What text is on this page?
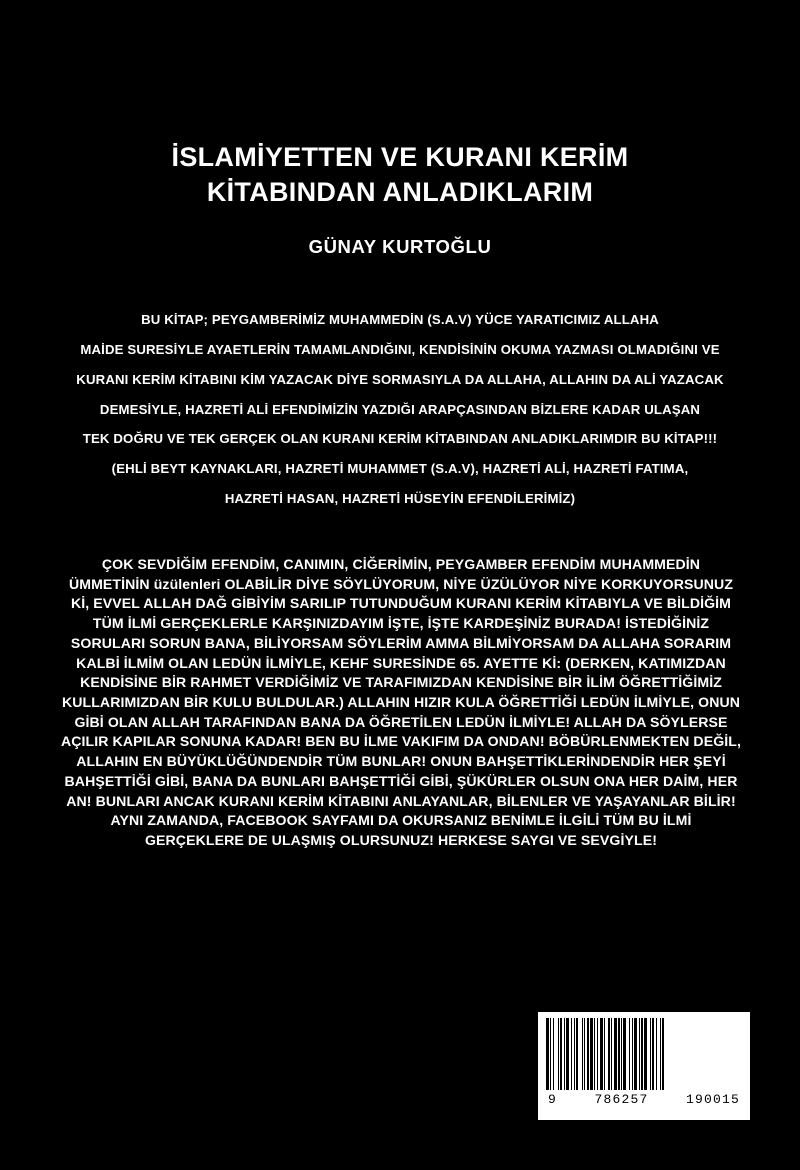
İSLAMİYETTEN VE KURANI KERİM
KİTABINDAN ANLADIKLARIM
GÜNAY KURTOĞLU

BU KİTAP; PEYGAMBERİMİZ MUHAMMEDİN (S.A.V) YÜCE YARATICIMIZ ALLAHA

MAİDE SURESİYLE AYAETLERİN TAMAMLANDIĞINI, KENDİSİNİN OKUMA YAZMASI OLMADIĞINI VE

KURANI KERİM KİTABINI KİM YAZACAK DİYE SORMASIYLA DA ALLAHA, ALLAHIN DA ALİ YAZACAK

DEMESİYLE, HAZRETİ ALİ EFENDİMİZİN YAZDIĞI ARAPÇASINDAN BİZLERE KADAR ULAŞAN

TEK DOĞRU VE TEK GERÇEK OLAN KURANI KERİM KİTABINDAN ANLADIKLARIMDIR BU KİTAP!!!

(EHLİ BEYT KAYNAKLARI, HAZRETİ MUHAMMET (S.A.V), HAZRETİ ALİ, HAZRETİ FATIMA,

HAZRETİ HASAN, HAZRETİ HÜSEYİN EFENDİLERİMİZ)

ÇOK SEVDİĞİM EFENDİM, CANIMIN, CİĞERİMİN, PEYGAMBER EFENDİM MUHAMMEDİN ÜMMETİNİN üzülenleri OLABİLİR DİYE SÖYLÜYORUM, NİYE ÜZÜLÜYOR NİYE KORKUYORSUNUZ Kİ, EVVEL ALLAH DAĞ GİBİYİM SARILIP TUTUNDUĞUM KURANI KERİM KİTABIYLA VE BİLDİĞİM TÜM İLMİ GERÇEKLERLE KARŞINIZDAYIM İŞTE, İŞTE KARDEŞİNİZ BURADA! İSTEDİĞİNİZ SORULARI SORUN BANA, BİLİYORSAM SÖYLERİM AMMA BİLMİYORSAM DA ALLAHA SORARIM KALBİ İLMİM OLAN LEDÜN İLMİYLE, KEHF SURESİNDE 65. AYETTE Kİ: (DERKEN, KATIMIZDAN KENDİSİNE BİR RAHMET VERDİĞİMİZ VE TARAFIMIZDAN KENDİSİNE BİR İLİM ÖĞRETTİĞİMİZ KULLARIMIZDAN BİR KULU BULDULAR.) ALLAHIN HIZIR KULA ÖĞRETTİĞİ LEDÜN İLMİYLE, ONUN GİBİ OLAN ALLAH TARAFINDAN BANA DA ÖĞRETİLEN LEDÜN İLMİYLE! ALLAH DA SÖYLERSE AÇILIR KAPILAR SONUNA KADAR! BEN BU İLME VAKIFIM DA ONDAN! BÖBÜRLENMEKTEN DEĞİL, ALLAHIN EN BÜYÜKLÜĞÜNDENDİR TÜM BUNLAR! ONUN BAHŞETTİKLERİNDENDİR HER ŞEYİ BAHŞETTİĞİ GİBİ, BANA DA BUNLARI BAHŞETTİĞİ GİBİ, ŞÜKÜRLER OLSUN ONA HER DAİM, HER AN! BUNLARI ANCAK KURANI KERİM KİTABINI ANLAYANLAR, BİLENLER VE YAŞAYANLAR BİLİR! AYNI ZAMANDA, FACEBOOK SAYFAMI DA OKURSANIZ BENİMLE İLGİLİ TÜM BU İLMİ GERÇEKLERE DE ULAŞMIŞ OLURSUNUZ! HERKESE SAYGI VE SEVGİYLE!
9	786257	190015
